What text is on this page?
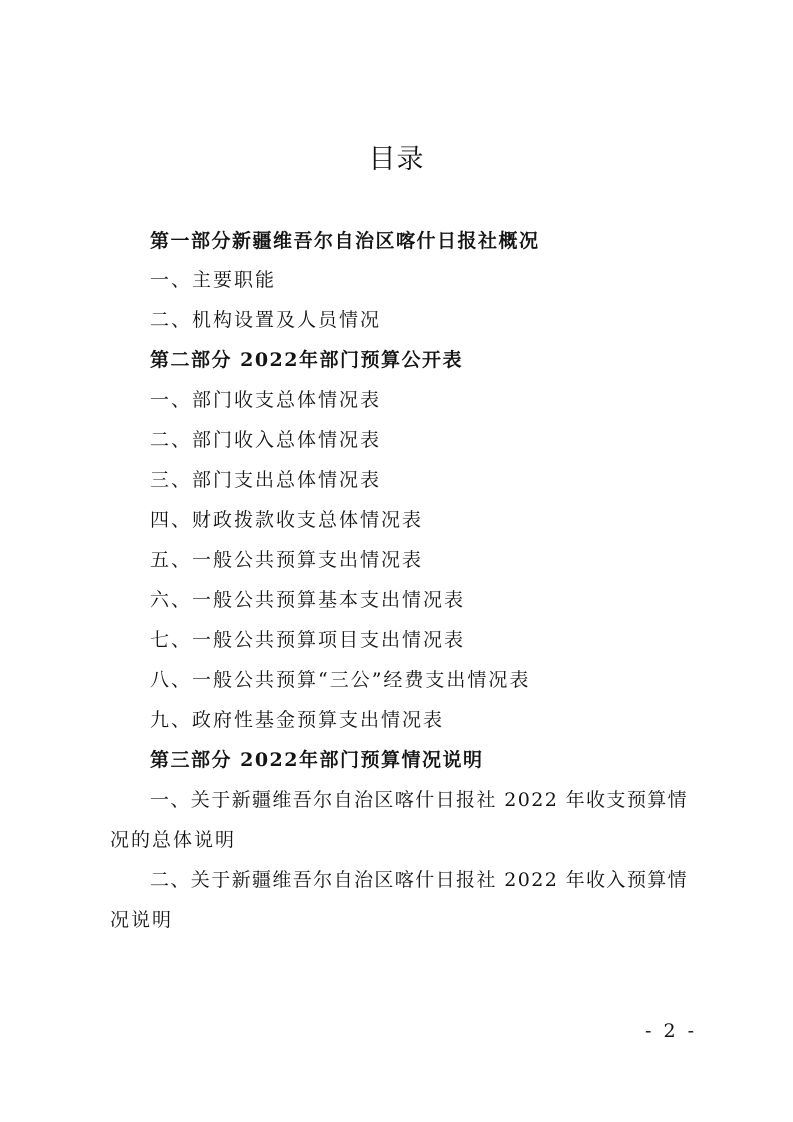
目录
第一部分新疆维吾尔自治区喀什日报社概况
一、主要职能
二、机构设置及人员情况
第二部分 2022年部门预算公开表
一、部门收支总体情况表
二、部门收入总体情况表
三、部门支出总体情况表
四、财政拨款收支总体情况表
五、一般公共预算支出情况表
六、一般公共预算基本支出情况表
七、一般公共预算项目支出情况表
八、一般公共预算“三公”经费支出情况表
九、政府性基金预算支出情况表
第三部分 2022年部门预算情况说明
一、关于新疆维吾尔自治区喀什日报社 2022 年收支预算情
况的总体说明
二、关于新疆维吾尔自治区喀什日报社 2022 年收入预算情
况说明
- 2 -
